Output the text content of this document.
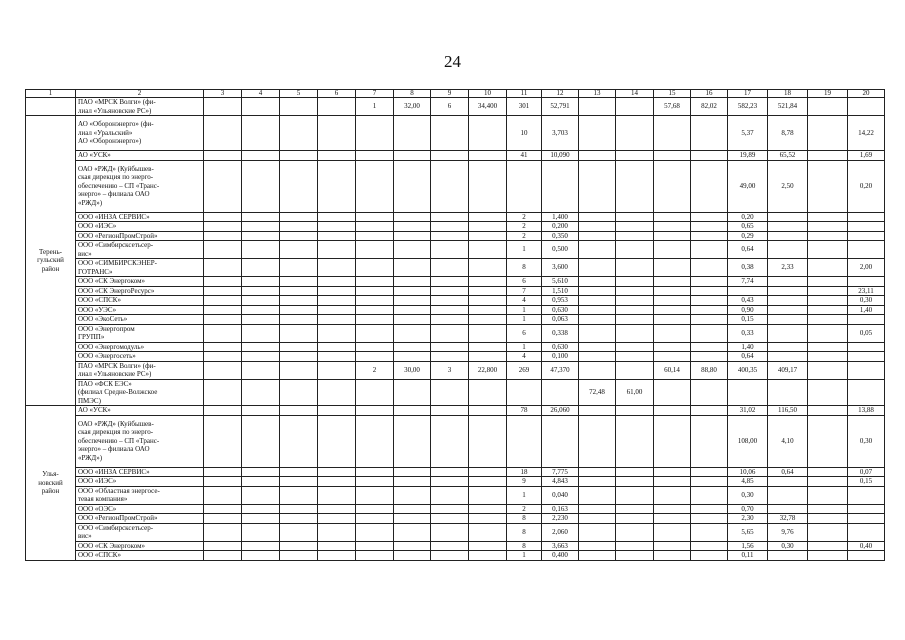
24
1	2	3	4	5	6	7	8	9	10	11	12	13	14	15	16	17	18	19	20
	ПАО «МРСК Волги» (фи-
лиал «Ульяновские РС»)					1	32,00	6	34,400	301	52,791			57,68	82,02	582,23	521,84		
Терень-
гульский
район	АО «Оборонэнерго» (фи-
лиал «Уральский»
АО «Оборонэнерго»)									10	3,703					5,37	8,78		14,22
	АО «УСК»									41	10,090					19,89	65,52		1,69
	ОАО «РЖД» (Куйбышев-
ская дирекция по энерго-
обеспечению – СП «Транс-
энерго» – филиала ОАО
«РЖД»)															49,00	2,50		0,20
	ООО «ИНЗА СЕРВИС»									2	1,400					0,20			
	ООО «ИЭС»									2	0,200					0,65			
	ООО «РегионПромСтрой»									2	0,350					0,29			
	ООО «Симбирсксетьсер-
вис»									1	0,500					0,64			
	ООО «СИМБИРСКЭНЕР-
ГОТРАНС»									8	3,600					0,38	2,33		2,00
	ООО «СК Энергоком»									6	5,610					7,74			
	ООО «СК ЭнергоРесурс»									7	1,510								23,11
	ООО «СПСК»									4	0,953					0,43			0,30
	ООО «УЭС»									1	0,630					0,90			1,40
	ООО «ЭкоСеть»									1	0,063					0,15			
	ООО «Энергопром
ГРУПП»									6	0,338					0,33			0,05
	ООО «Энергомодуль»									1	0,630					1,40			
	ООО «Энергосеть»									4	0,100					0,64			
	ПАО «МРСК Волги» (фи-
лиал «Ульяновские РС»)					2	30,00	3	22,800	269	47,370			60,14	88,80	400,35	409,17		
	ПАО «ФСК ЕЭС»
(филиал Средне-Волжское
ПМЭС)											72,48	61,00						
Улья-
новский
район	АО «УСК»									78	26,060					31,02	116,50		13,88
	ОАО «РЖД» (Куйбышев-
ская дирекция по энерго-
обеспечению – СП «Транс-
энерго» – филиала ОАО
«РЖД»)															108,00	4,10		0,30
	ООО «ИНЗА СЕРВИС»									18	7,775					10,06	0,64		0,07
	ООО «ИЭС»									9	4,843					4,85			0,15
	ООО «Областная энергосе-
тевая компания»									1	0,040					0,30			
	ООО «ОЭС»									2	0,163					0,70			
	ООО «РегионПромСтрой»									8	2,230					2,30	32,78		
	ООО «Симбирсксетьсер-
вис»									8	2,060					5,65	9,76		
	ООО «СК Энергоком»									8	3,663					1,56	0,30		0,40
	ООО «СПСК»									1	0,400					0,11			
